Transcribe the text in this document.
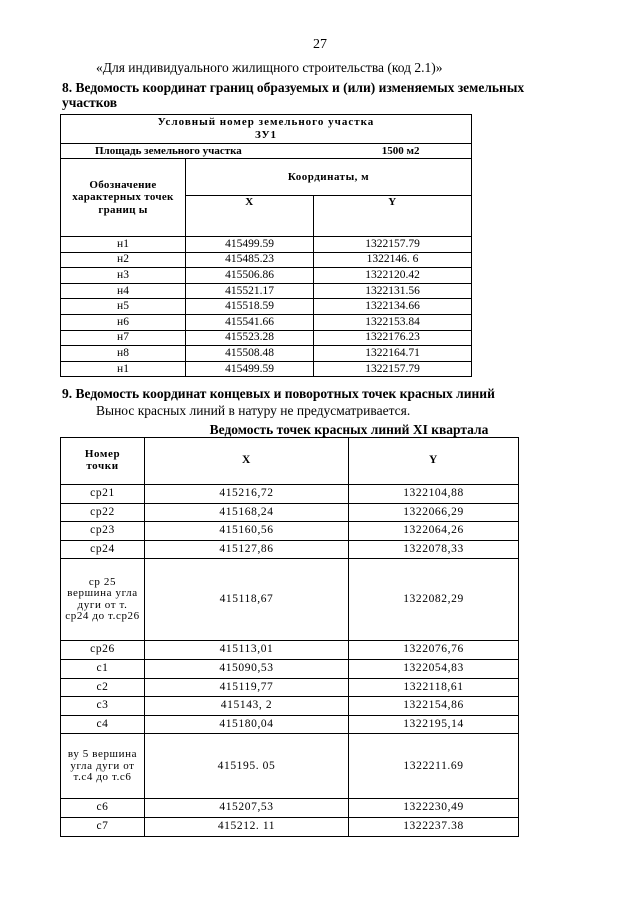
27
«Для индивидуального жилищного строительства (код 2.1)»
8. Ведомость координат границ образуемых и (или) изменяемых земельных
участков
Условный номер земельного участка
ЗУ1		

Площадь земельного участка 1500 м2		
Обозначение характерных точек границ ы	Координаты, м	
	Х	Y
н1	415499.59	1322157.79
н2	415485.23	1322146. 6
н3	415506.86	1322120.42
н4	415521.17	1322131.56
н5	415518.59	1322134.66
н6	415541.66	1322153.84
н7	415523.28	1322176.23
н8	415508.48	1322164.71
н1	415499.59	1322157.79
9. Ведомость координат концевых и поворотных точек красных линий
Вынос красных линий в натуру не предусматривается.
Ведомость точек красных линий XI квартала
Номер точки	X	Y
ср21	415216,72	1322104,88
ср22	415168,24	1322066,29
ср23	415160,56	1322064,26
ср24	415127,86	1322078,33
ср 25 вершина угла дуги от т. ср24 до т.ср26	415118,67	1322082,29
ср26	415113,01	1322076,76
с1	415090,53	1322054,83
с2	415119,77	1322118,61
с3	415143, 2	1322154,86
с4	415180,04	1322195,14
ву 5 вершина угла дуги от т.с4 до т.с6	415195. 05	1322211.69
с6	415207,53	1322230,49
с7	415212. 11	1322237.38
